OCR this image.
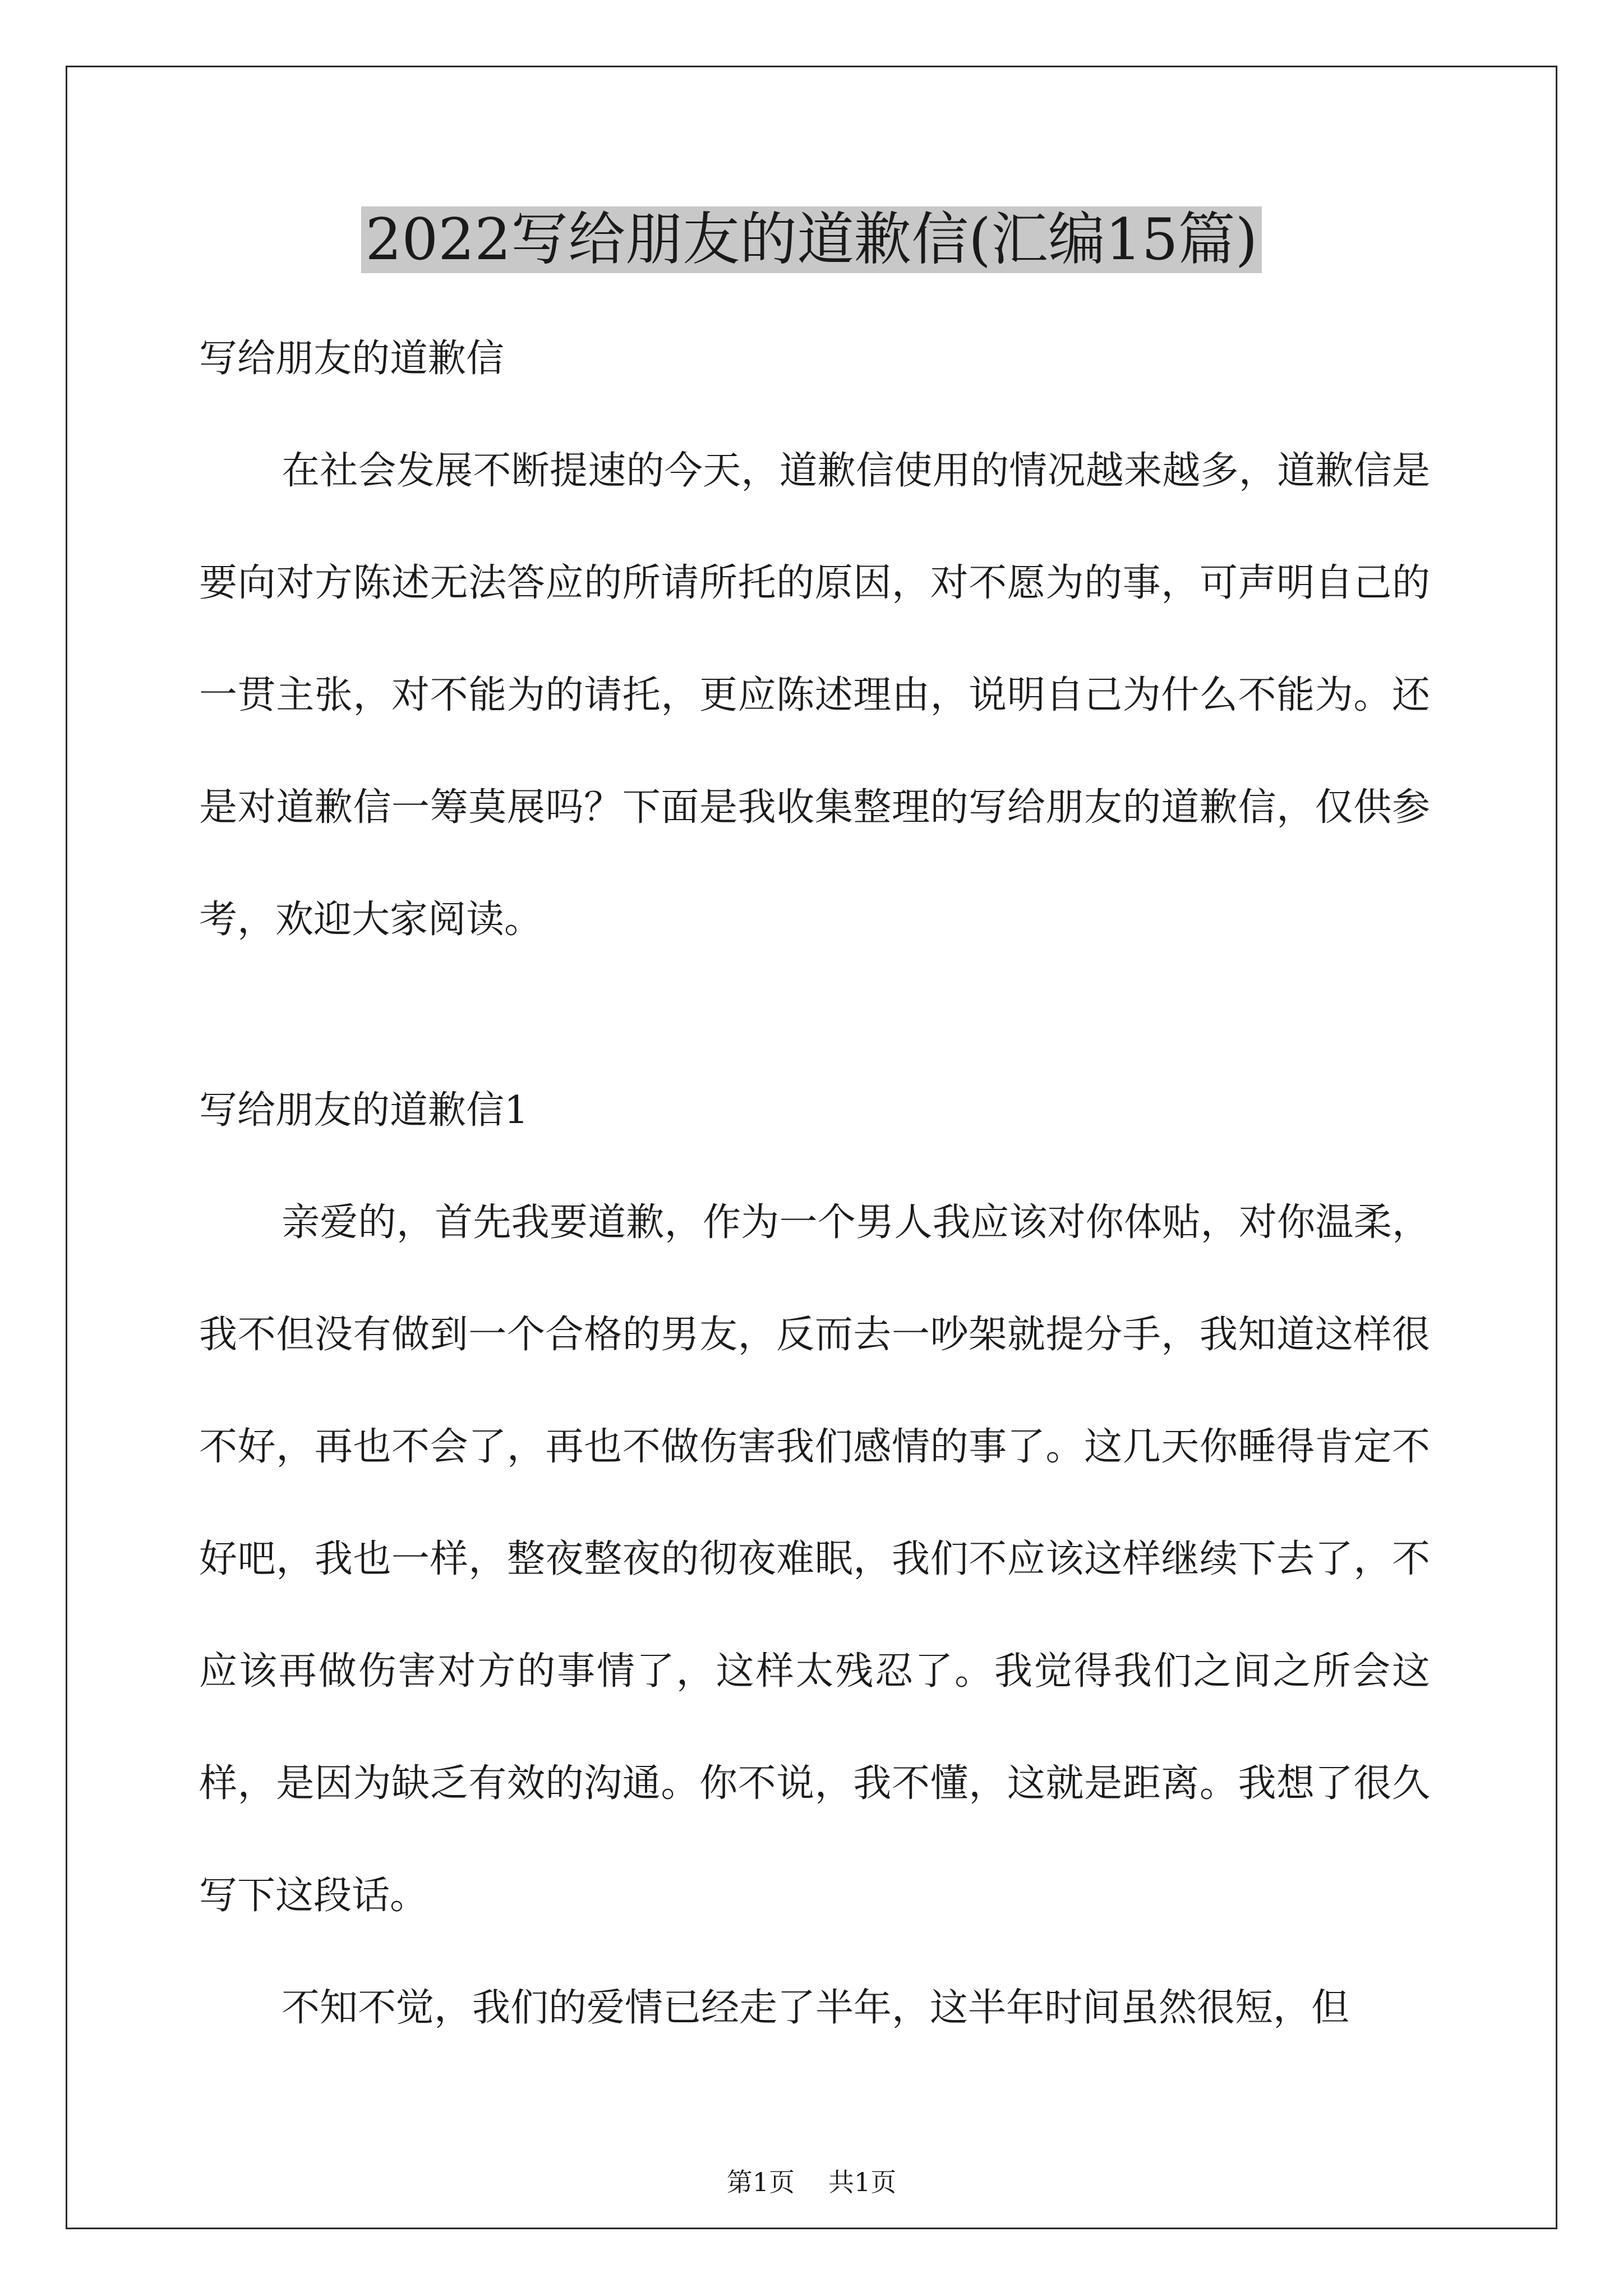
2022写给朋友的道歉信(汇编15篇)

写给朋友的道歉信

在社会发展不断提速的今天，道歉信使用的情况越来越多，道歉信是要向对方陈述无法答应的所请所托的原因，对不愿为的事，可声明自己的一贯主张，对不能为的请托，更应陈述理由，说明自己为什么不能为。还是对道歉信一筹莫展吗？下面是我收集整理的写给朋友的道歉信，仅供参考，欢迎大家阅读。

写给朋友的道歉信1

亲爱的，首先我要道歉，作为一个男人我应该对你体贴，对你温柔，我不但没有做到一个合格的男友，反而去一吵架就提分手，我知道这样很不好，再也不会了，再也不做伤害我们感情的事了。这几天你睡得肯定不好吧，我也一样，整夜整夜的彻夜难眠，我们不应该这样继续下去了，不应该再做伤害对方的事情了，这样太残忍了。我觉得我们之间之所会这样，是因为缺乏有效的沟通。你不说，我不懂，这就是距离。我想了很久写下这段话。

不知不觉，我们的爱情已经走了半年，这半年时间虽然很短，但

第1页 共1页
